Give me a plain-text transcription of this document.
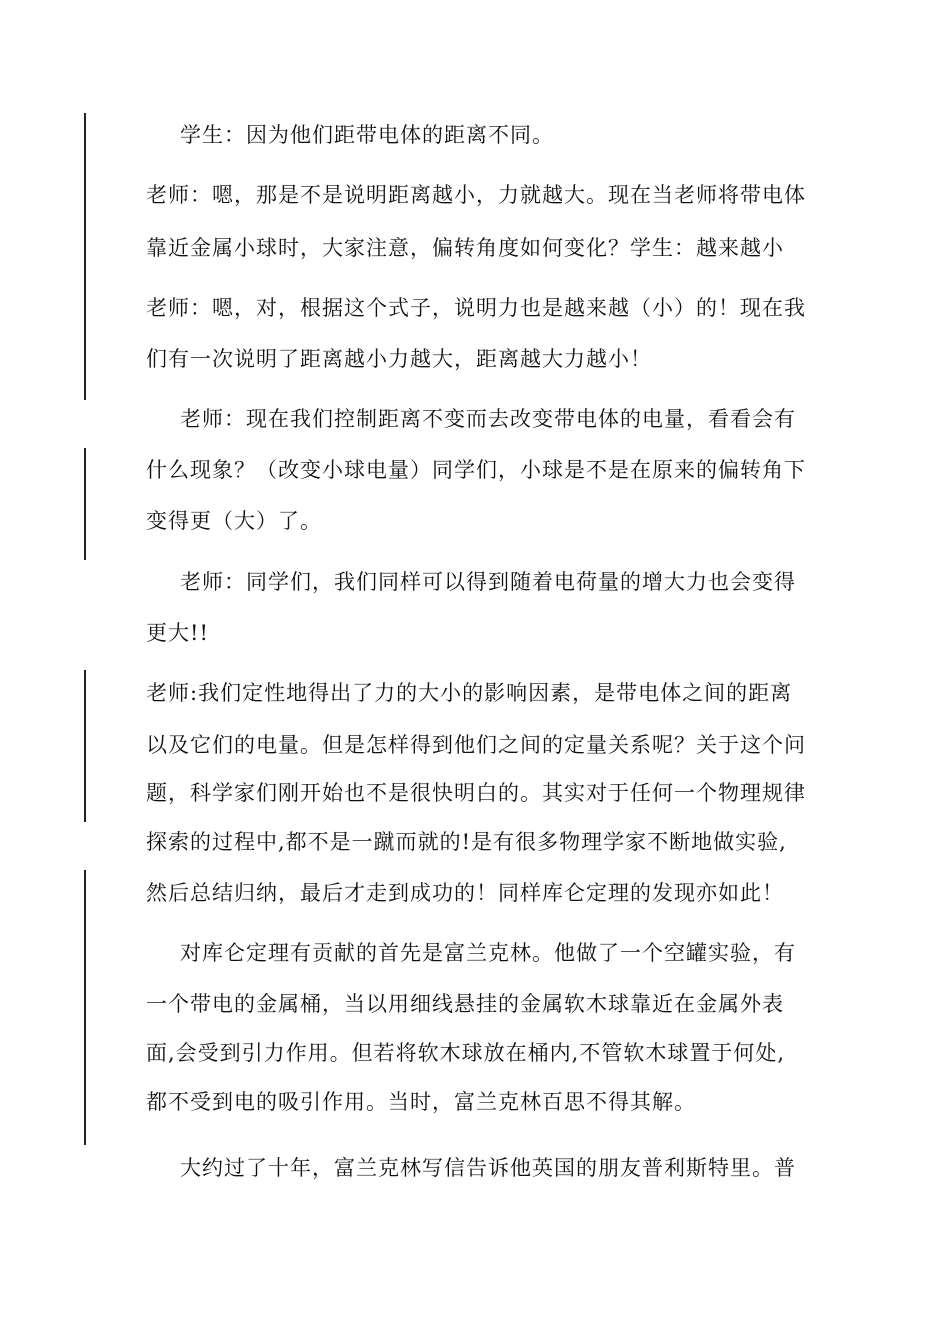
学生：因为他们距带电体的距离不同。
老师：嗯，那是不是说明距离越小，力就越大。现在当老师将带电体
靠近金属小球时，大家注意，偏转角度如何变化？学生：越来越小
老师：嗯，对，根据这个式子，说明力也是越来越（小）的！现在我
们有一次说明了距离越小力越大，距离越大力越小！
老师：现在我们控制距离不变而去改变带电体的电量，看看会有
什么现象？（改变小球电量）同学们，小球是不是在原来的偏转角下
变得更（大）了。
老师：同学们，我们同样可以得到随着电荷量的增大力也会变得
更大!!
老师:我们定性地得出了力的大小的影响因素，是带电体之间的距离
以及它们的电量。但是怎样得到他们之间的定量关系呢？关于这个问
题，科学家们刚开始也不是很快明白的。其实对于任何一个物理规律
探索的过程中,都不是一蹴而就的!是有很多物理学家不断地做实验,
然后总结归纳，最后才走到成功的！同样库仑定理的发现亦如此！
对库仑定理有贡献的首先是富兰克林。他做了一个空罐实验，有
一个带电的金属桶，当以用细线悬挂的金属软木球靠近在金属外表
面,会受到引力作用。但若将软木球放在桶内,不管软木球置于何处,
都不受到电的吸引作用。当时，富兰克林百思不得其解。
大约过了十年，富兰克林写信告诉他英国的朋友普利斯特里。普
